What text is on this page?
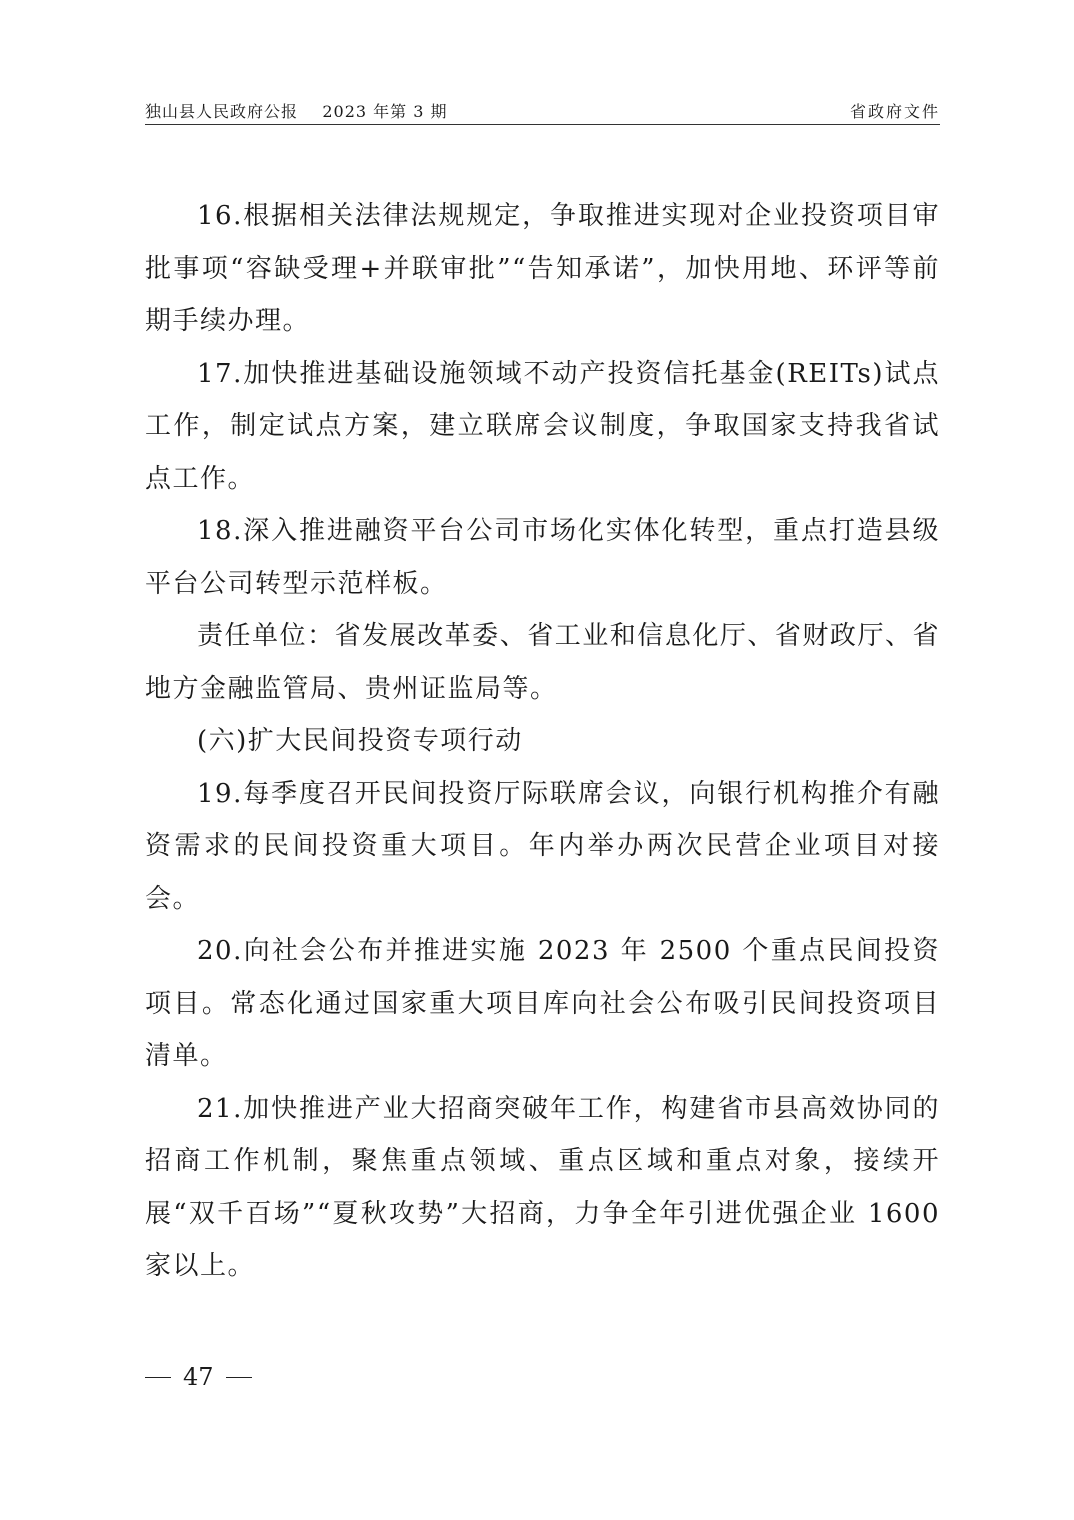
独山县人民政府公报    2023 年第 3 期	省政府文件

16.根据相关法律法规规定，争取推进实现对企业投资项目审批事项“容缺受理+并联审批”“告知承诺”，加快用地、环评等前期手续办理。

17.加快推进基础设施领域不动产投资信托基金(REITs)试点工作，制定试点方案，建立联席会议制度，争取国家支持我省试点工作。

18.深入推进融资平台公司市场化实体化转型，重点打造县级平台公司转型示范样板。

责任单位：省发展改革委、省工业和信息化厅、省财政厅、省地方金融监管局、贵州证监局等。

(六)扩大民间投资专项行动

19.每季度召开民间投资厅际联席会议，向银行机构推介有融资需求的民间投资重大项目。年内举办两次民营企业项目对接会。

20.向社会公布并推进实施 2023 年 2500 个重点民间投资项目。常态化通过国家重大项目库向社会公布吸引民间投资项目清单。

21.加快推进产业大招商突破年工作，构建省市县高效协同的招商工作机制，聚焦重点领域、重点区域和重点对象，接续开展“双千百场”“夏秋攻势”大招商，力争全年引进优强企业 1600 家以上。

47
